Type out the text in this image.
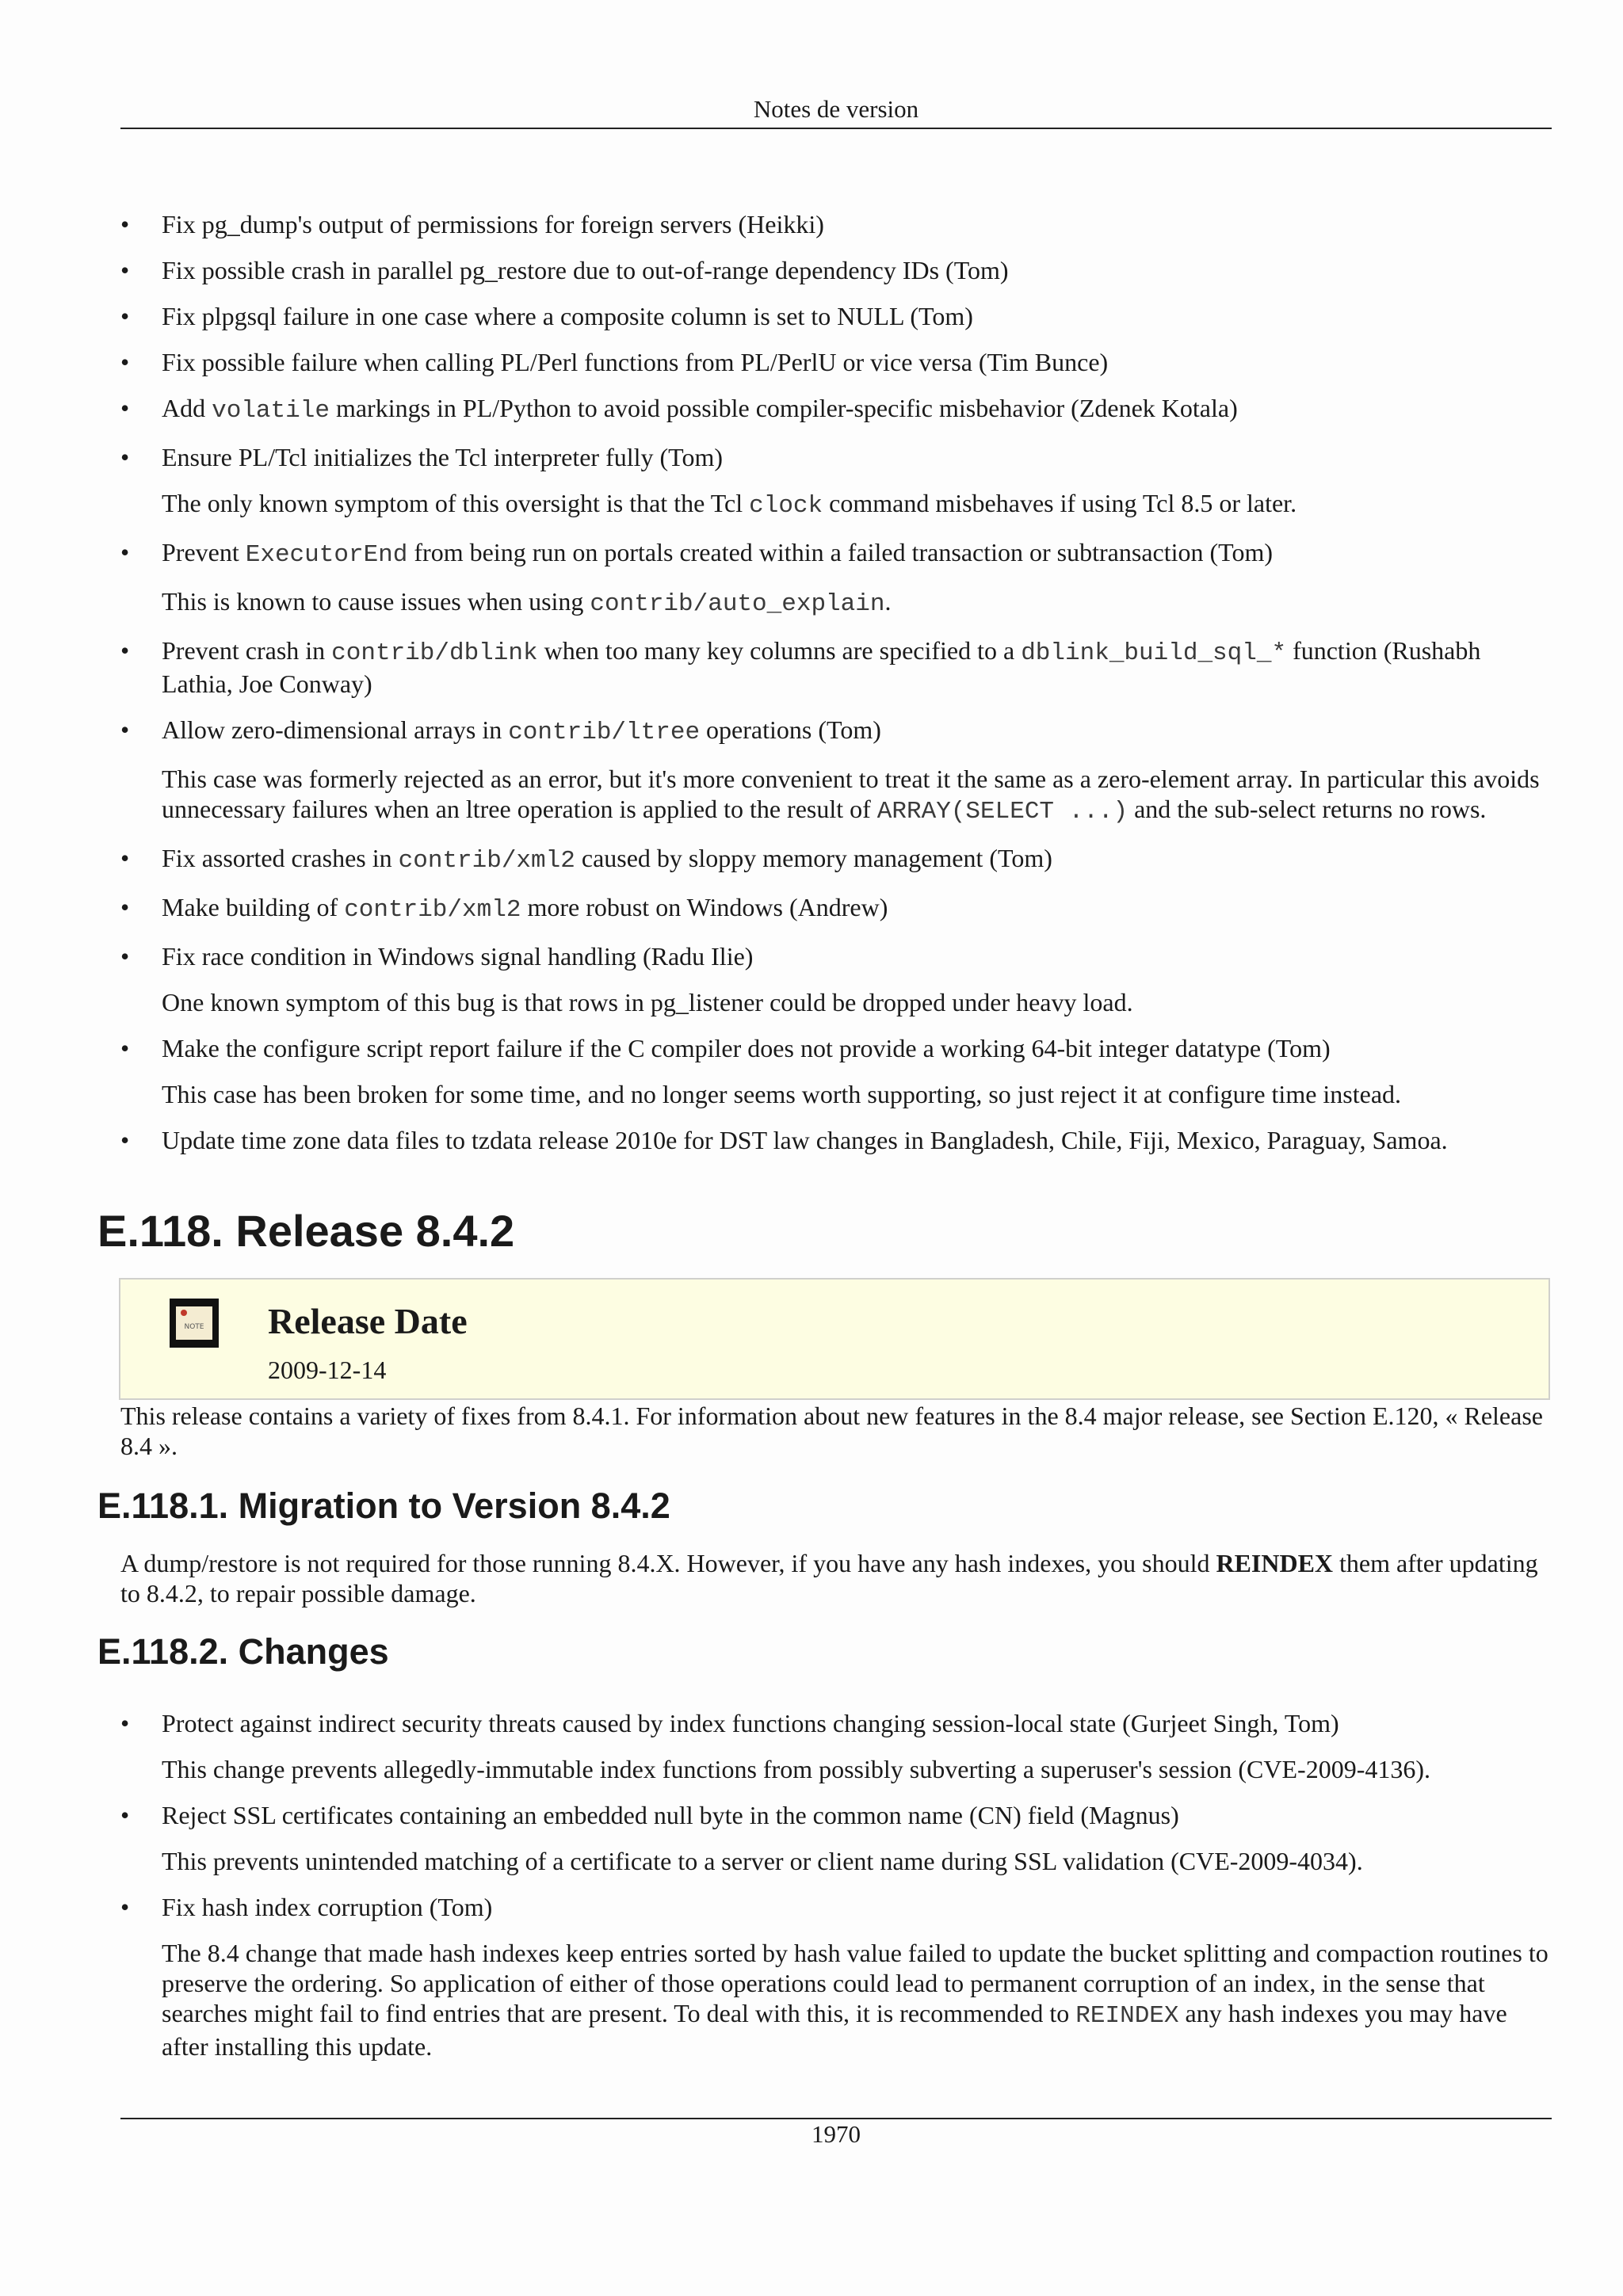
Notes de version
• Fix pg_dump's output of permissions for foreign servers (Heikki)

• Fix possible crash in parallel pg_restore due to out-of-range dependency IDs (Tom)

• Fix plpgsql failure in one case where a composite column is set to NULL (Tom)

• Fix possible failure when calling PL/Perl functions from PL/PerlU or vice versa (Tim Bunce)

• Add volatile markings in PL/Python to avoid possible compiler-specific misbehavior (Zdenek Kotala)

• Ensure PL/Tcl initializes the Tcl interpreter fully (Tom)

The only known symptom of this oversight is that the Tcl clock command misbehaves if using Tcl 8.5 or later.

• Prevent ExecutorEnd from being run on portals created within a failed transaction or subtransaction (Tom)

This is known to cause issues when using contrib/auto_explain.

• Prevent crash in contrib/dblink when too many key columns are specified to a dblink_build_sql_* function (Rushabh Lathia, Joe Conway)

• Allow zero-dimensional arrays in contrib/ltree operations (Tom)

This case was formerly rejected as an error, but it's more convenient to treat it the same as a zero-element array. In particular this avoids unnecessary failures when an ltree operation is applied to the result of ARRAY(SELECT ...) and the sub-select returns no rows.

• Fix assorted crashes in contrib/xml2 caused by sloppy memory management (Tom)

• Make building of contrib/xml2 more robust on Windows (Andrew)

• Fix race condition in Windows signal handling (Radu Ilie)

One known symptom of this bug is that rows in pg_listener could be dropped under heavy load.

• Make the configure script report failure if the C compiler does not provide a working 64-bit integer datatype (Tom)

This case has been broken for some time, and no longer seems worth supporting, so just reject it at configure time instead.

• Update time zone data files to tzdata release 2010e for DST law changes in Bangladesh, Chile, Fiji, Mexico, Paraguay, Samoa.

E.118. Release 8.4.2
NOTE Release Date
2009-12-14

This release contains a variety of fixes from 8.4.1. For information about new features in the 8.4 major release, see Section E.120, « Release 8.4 ».

E.118.1. Migration to Version 8.4.2

A dump/restore is not required for those running 8.4.X. However, if you have any hash indexes, you should REINDEX them after updating to 8.4.2, to repair possible damage.

E.118.2. Changes
• Protect against indirect security threats caused by index functions changing session-local state (Gurjeet Singh, Tom)

This change prevents allegedly-immutable index functions from possibly subverting a superuser's session (CVE-2009-4136).

• Reject SSL certificates containing an embedded null byte in the common name (CN) field (Magnus)

This prevents unintended matching of a certificate to a server or client name during SSL validation (CVE-2009-4034).

• Fix hash index corruption (Tom)

The 8.4 change that made hash indexes keep entries sorted by hash value failed to update the bucket splitting and compaction routines to preserve the ordering. So application of either of those operations could lead to permanent corruption of an index, in the sense that searches might fail to find entries that are present. To deal with this, it is recommended to REINDEX any hash indexes you may have after installing this update.

1970
